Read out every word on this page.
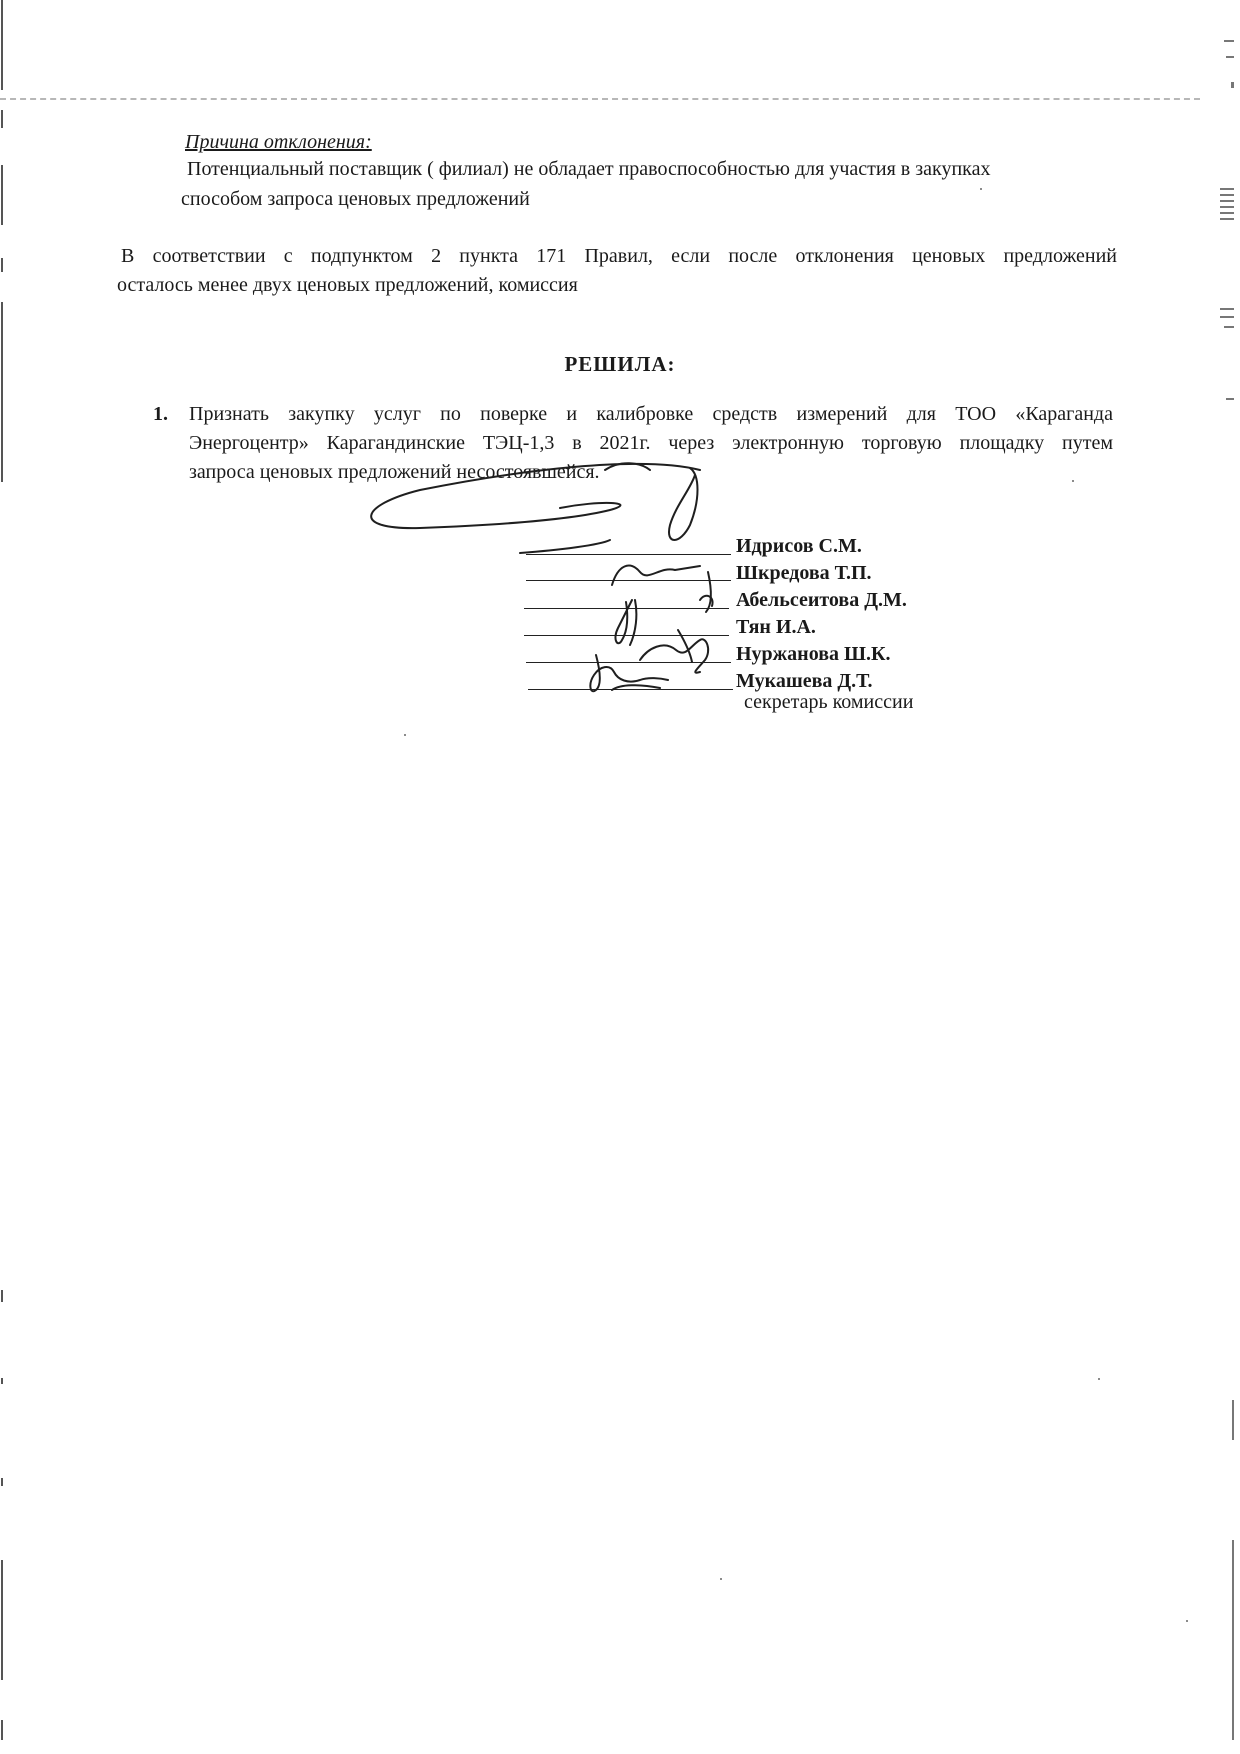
Причина отклонения:
Потенциальный поставщик ( филиал) не обладает правоспособностью для участия в закупках
способом запроса ценовых предложений
В соответствии с подпунктом 2 пункта 171 Правил, если после отклонения ценовых предложений
осталось менее двух ценовых предложений, комиссия
РЕШИЛА:
1. Признать закупку услуг по поверке и калибровке средств измерений для ТОО «Караганда
Энергоцентр» Карагандинские ТЭЦ-1,3 в 2021г. через электронную торговую площадку путем
запроса ценовых предложений несостоявшейся.
Идрисов С.М.
Шкредова Т.П.
Абельсеитова Д.М.
Тян И.А.
Нуржанова Ш.К.
Мукашева Д.Т.
секретарь комиссии
